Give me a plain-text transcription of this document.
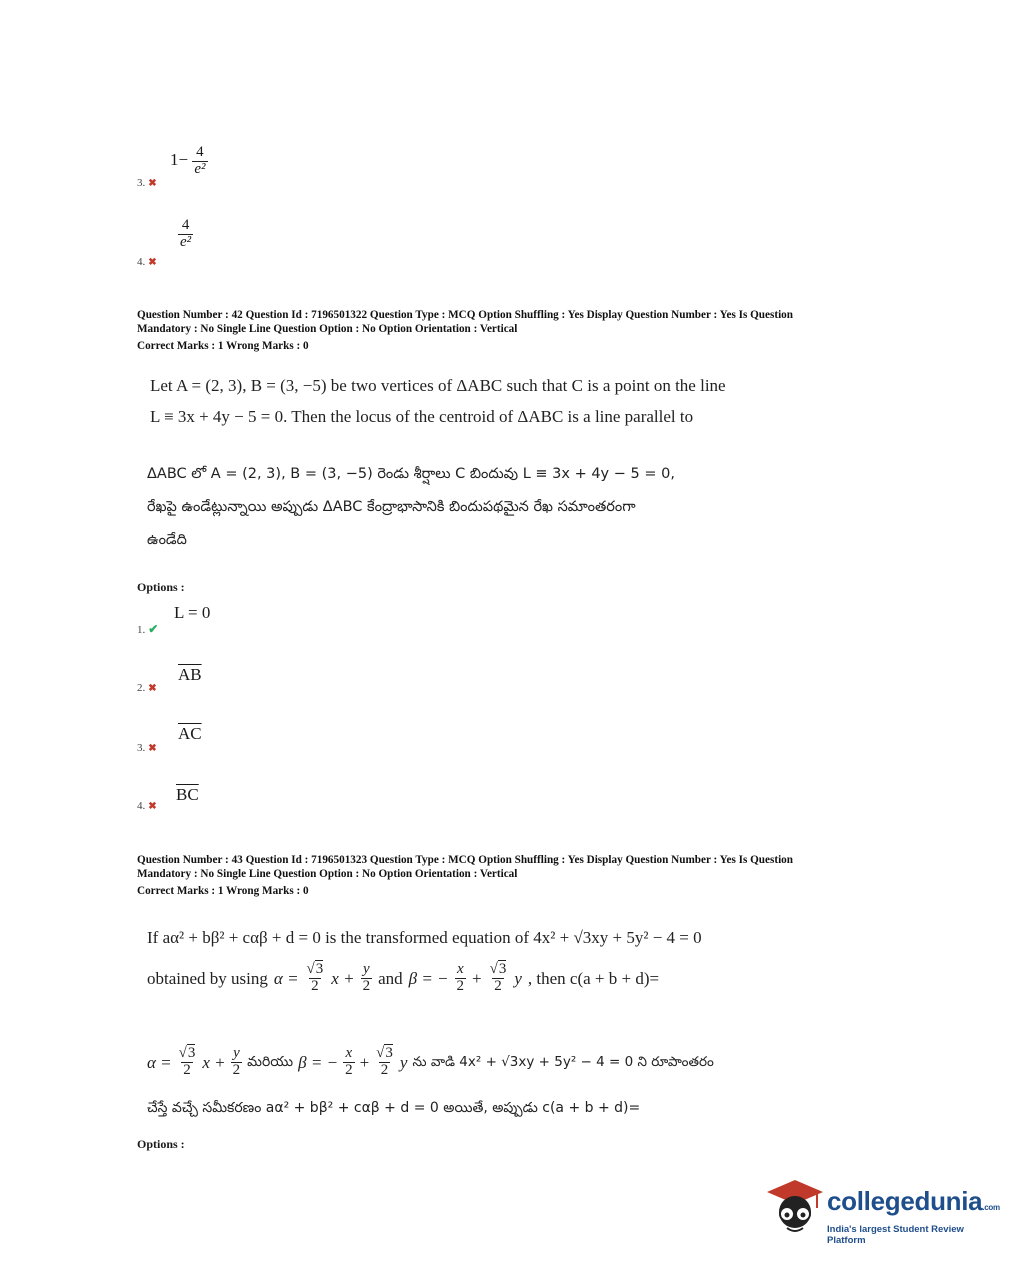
$1- \frac{4}{\text{e²}}$
3. ✖
$\frac{4}{\text{e²}}$
4. ✖
Question Number : 42 Question Id : 7196501322 Question Type : MCQ Option Shuffling : Yes Display Question Number : Yes Is Question
Mandatory : No Single Line Question Option : No Option Orientation : Vertical
Correct Marks : 1 Wrong Marks : 0
Let A = (2, 3), B = (3, −5) be two vertices of ΔABC such that C is a point on the line
L ≡ 3x + 4y − 5 = 0. Then the locus of the centroid of ΔABC is a line parallel to
ΔABC లో A = (2, 3), B = (3, −5) రెండు శీర్షాలు C బిందువు L ≡ 3x + 4y − 5 = 0,
రేఖపై ఉండేట్లున్నాయి అప్పుడు ΔABC కేంద్రాభాసానికి బిందుపథమైన రేఖ సమాంతరంగా
ఉండేది
Options :
L = 0
1. ✔
$\overline{AB}$
2. ✖
$\overline{AC}$
3. ✖
$\overline{BC}$
4. ✖
Question Number : 43 Question Id : 7196501323 Question Type : MCQ Option Shuffling : Yes Display Question Number : Yes Is Question
Mandatory : No Single Line Question Option : No Option Orientation : Vertical
Correct Marks : 1 Wrong Marks : 0
If aα² + bβ² + cαβ + d = 0 is the transformed equation of 4x² + √3xy + 5y² − 4 = 0
obtained by using $\alpha = \frac{√3}{2}$ $x + \frac{y}{2}$ and β = − $\frac{x}{2} + \frac{√3}{2}$ y , then c(a + b + d)=
$\alpha = \frac{√3}{2}$ $x + \frac{y}{2}$ మరియు β = − $\frac{x}{2} + \frac{√3}{2}$ y ను వాడి 4x² + √3xy + 5y² − 4 = 0 ని రూపాంతరం
చేస్తే వచ్చే సమీకరణం aα² + bβ² + cαβ + d = 0 అయితే, అప్పుడు c(a + b + d)=
Options :
collegedunia.com
India's largest Student Review Platform
